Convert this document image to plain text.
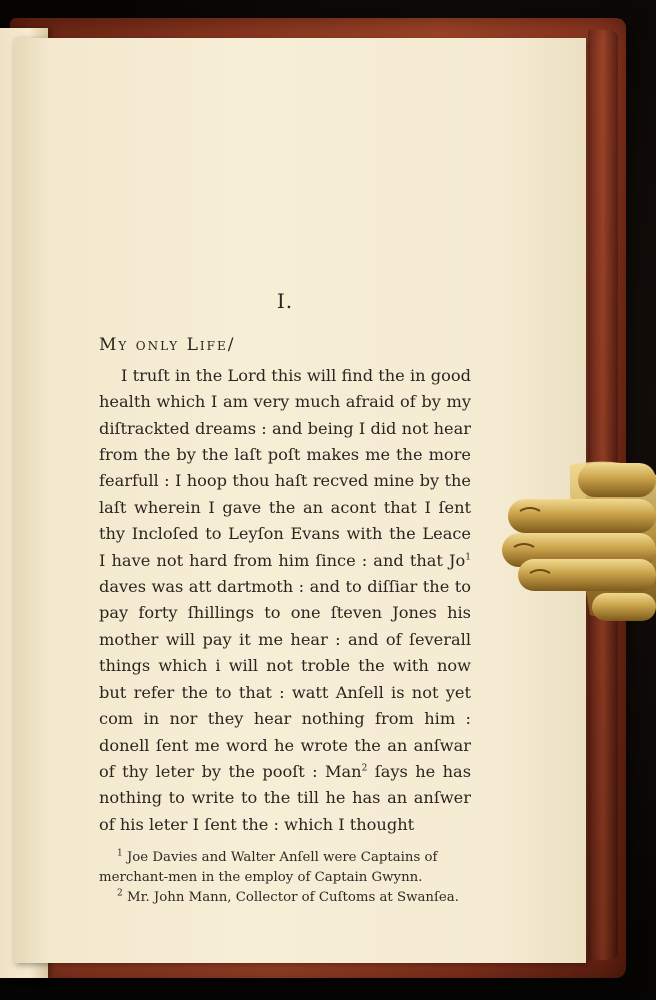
I.

My only Life/

I truſt in the Lord this will find the in good health which I am very much afraid of by my diſtrackted dreams : and being I did not hear from the by the laſt poſt makes me the more fearfull : I hoop thou haſt recved mine by the laſt wherein I gave the an acont that I ſent thy Incloſed to Leyſon Evans with the Leace I have not hard from him ſince : and that Jo$^1$ daves was att dartmoth : and to diſſiar the to pay forty ſhillings to one ſteven Jones his mother will pay it me hear : and of ſeverall things which i will not troble the with now but refer the to that : watt Anſell is not yet com in nor they hear nothing from him : donell ſent me word he wrote the an anſwar of thy leter by the pooſt : Man$^2$ ſays he has nothing to write to the till he has an anſwer of his leter I ſent the : which I thought

$^1$ Joe Davies and Walter Anſell were Captains of merchant-men in the employ of Captain Gwynn.

$^2$ Mr. John Mann, Collector of Cuſtoms at Swanſea.
